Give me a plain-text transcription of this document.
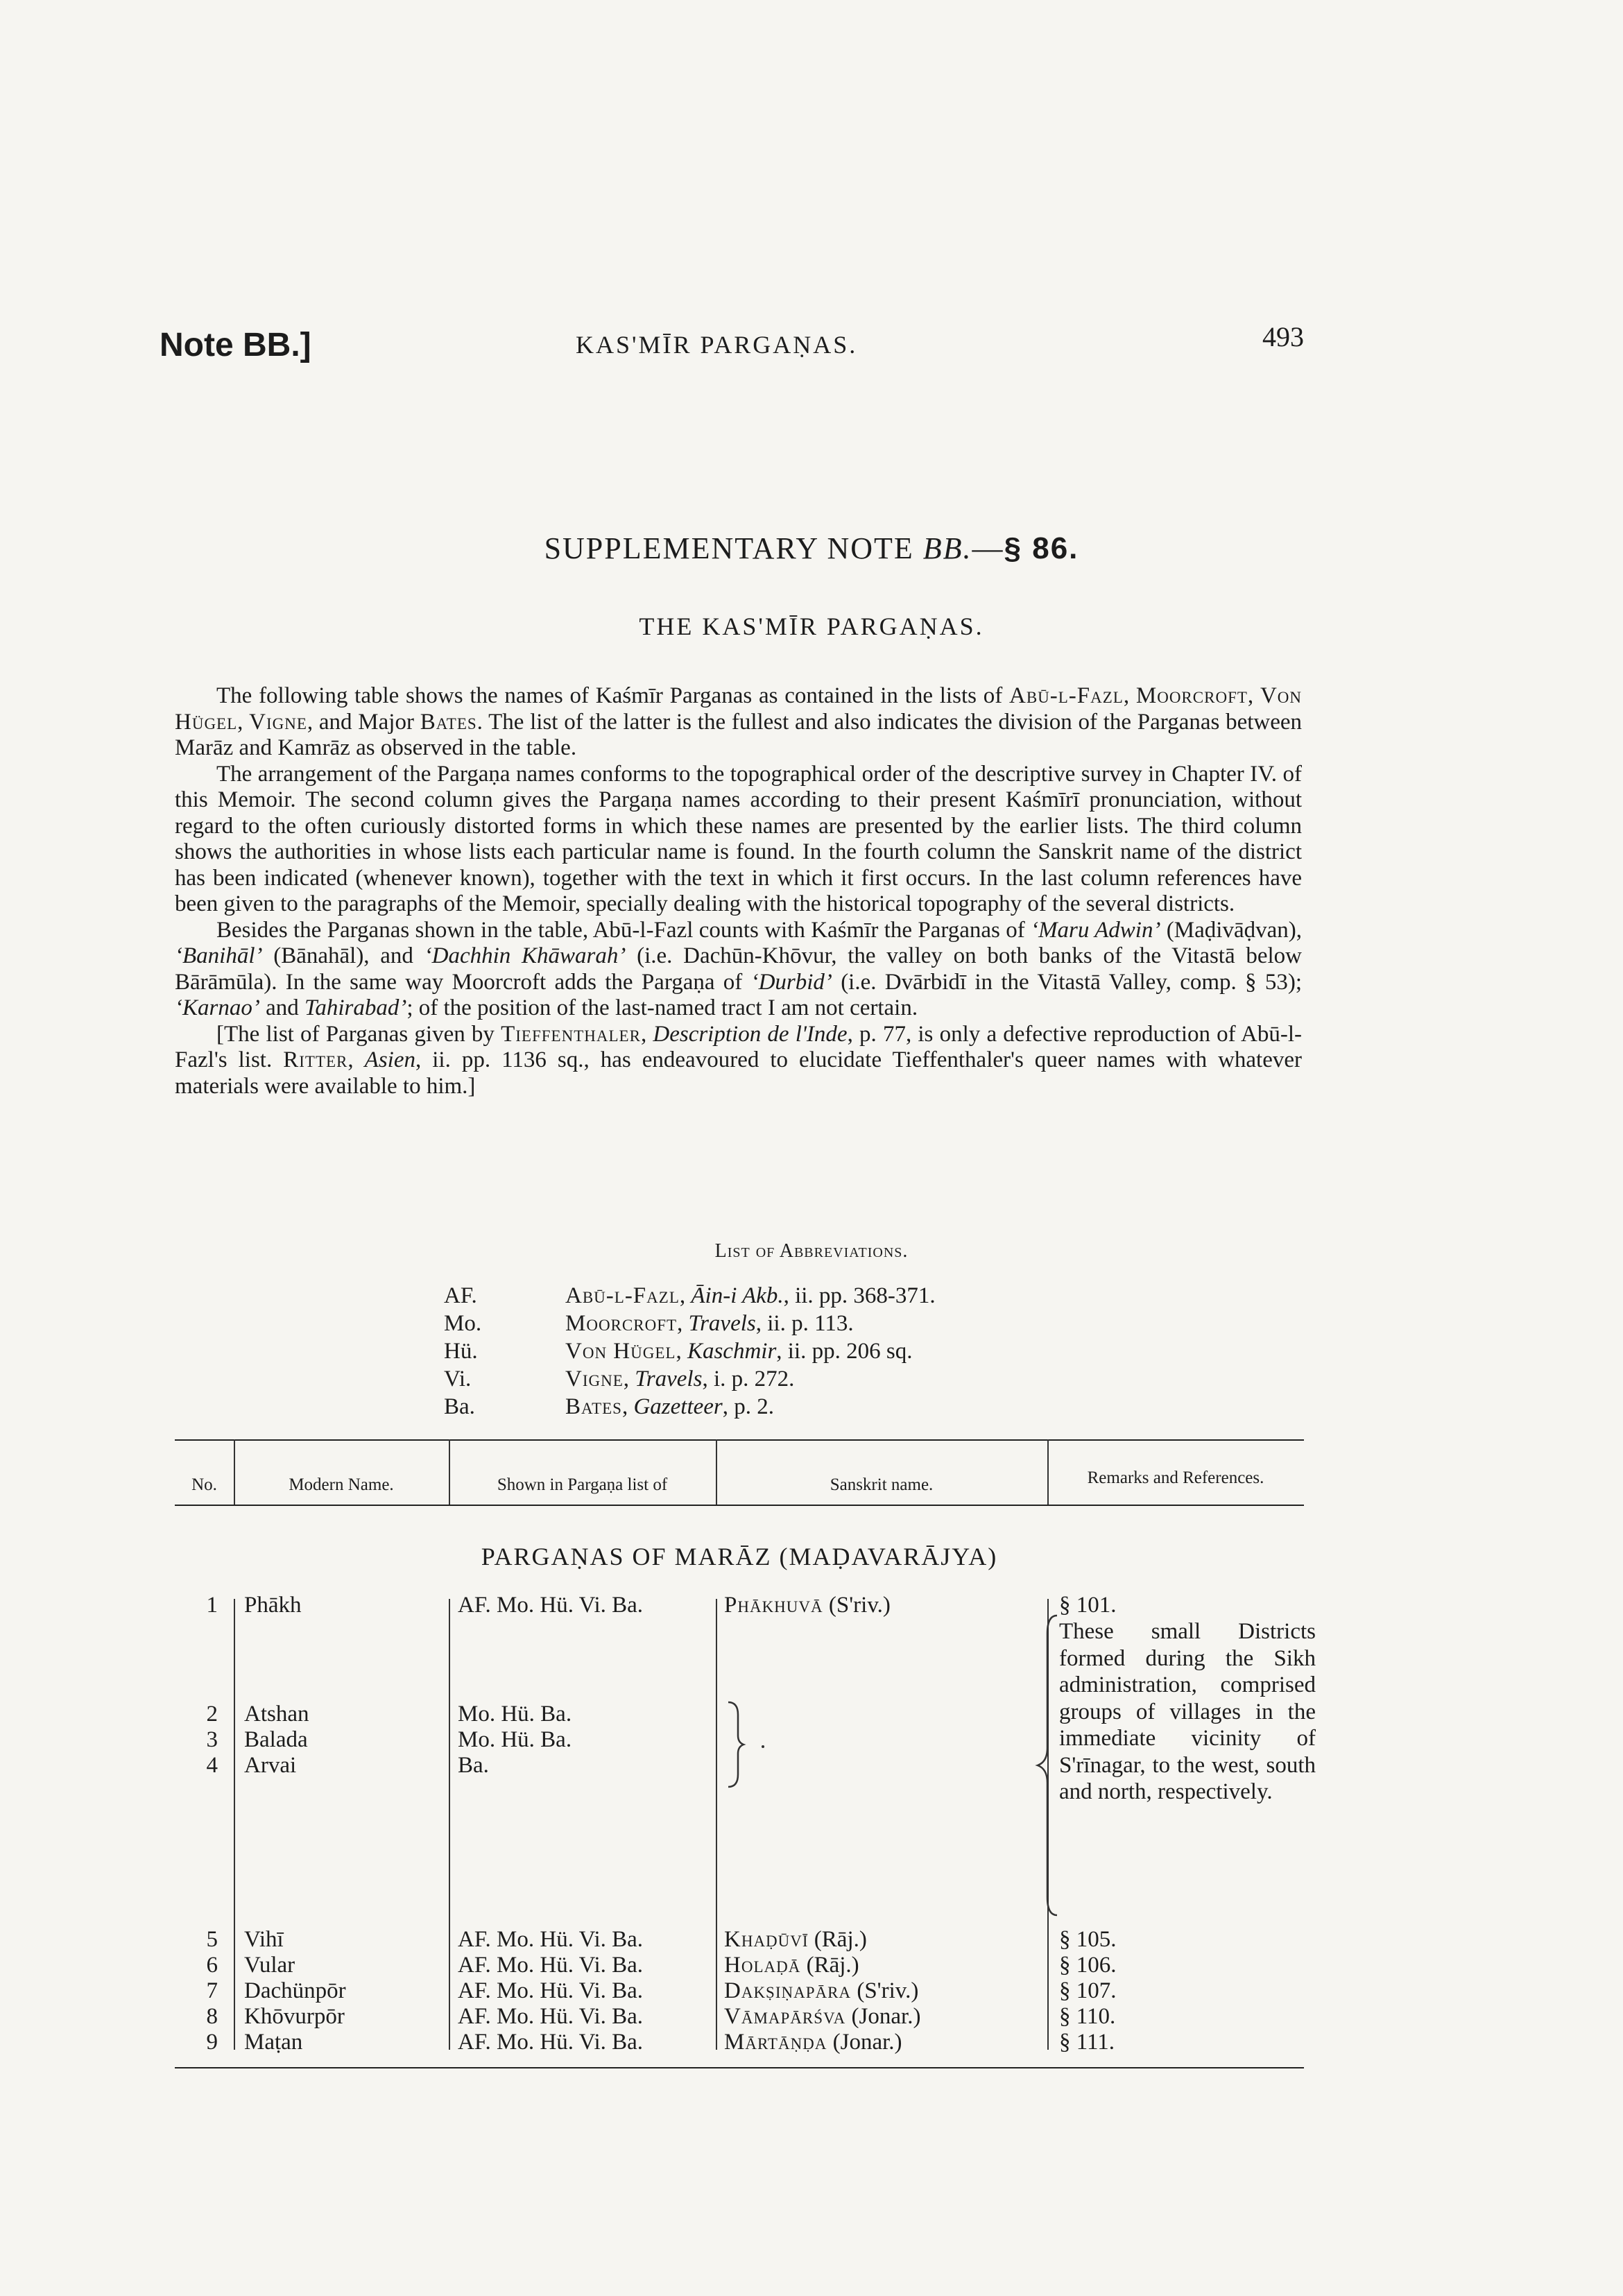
Note BB.]	KAS'MĪR PARGAṆAS.	493
SUPPLEMENTARY NOTE BB.—§ 86.
THE KAS'MĪR PARGAṆAS.

The following table shows the names of Kaśmīr Parganas as contained in the lists of Abū-l-Fazl, Moorcroft, Von Hügel, Vigne, and Major Bates. The list of the latter is the fullest and also indicates the division of the Parganas between Marāz and Kamrāz as observed in the table.

The arrangement of the Pargaṇa names conforms to the topographical order of the descriptive survey in Chapter IV. of this Memoir. The second column gives the Pargaṇa names according to their present Kaśmīrī pronunciation, without regard to the often curiously distorted forms in which these names are presented by the earlier lists. The third column shows the authorities in whose lists each particular name is found. In the fourth column the Sanskrit name of the district has been indicated (whenever known), together with the text in which it first occurs. In the last column references have been given to the paragraphs of the Memoir, specially dealing with the historical topography of the several districts.

Besides the Parganas shown in the table, Abū-l-Fazl counts with Kaśmīr the Parganas of ‘Maru Adwin’ (Maḍivāḍvan), ‘Banihāl’ (Bānahāl), and ‘Dachhin Khāwarah’ (i.e. Dachūn-Khōvur, the valley on both banks of the Vitastā below Bārāmūla). In the same way Moorcroft adds the Pargaṇa of ‘Durbid’ (i.e. Dvārbidī in the Vitastā Valley, comp. § 53); ‘Karnao’ and Tahirabad’; of the position of the last-named tract I am not certain.

[The list of Parganas given by Tieffenthaler, Description de l'Inde, p. 77, is only a defective reproduction of Abū-l-Fazl's list. Ritter, Asien, ii. pp. 1136 sq., has endeavoured to elucidate Tieffenthaler's queer names with whatever materials were available to him.]

List of Abbreviations.
AF.	Abū-l-Fazl, Āin-i Akb., ii. pp. 368-371.
Mo.	Moorcroft, Travels, ii. p. 113.
Hü.	Von Hügel, Kaschmir, ii. pp. 206 sq.
Vi.	Vigne, Travels, i. p. 272.
Ba.	Bates, Gazetteer, p. 2.
No.	Modern Name.	Shown in Pargaṇa list of	Sanskrit name.	Remarks and References.
PARGAṆAS OF MARĀZ (MAḌAVARĀJYA)
1 Phākh	AF. Mo. Hü. Vi. Ba.	Phākhuvā (S'riv.)	§ 101.
2 Atshan	Mo. Hü. Ba.
3 Balada	Mo. Hü. Ba.
4 Arvai	Ba.
These small Districts formed during the Sikh administration, comprised groups of villages in the immediate vicinity of S'rīnagar, to the west, south and north, respectively.
5 Vihī	AF. Mo. Hü. Vi. Ba.	Khaḍūvī (Rāj.)	§ 105.
6 Vular	AF. Mo. Hü. Vi. Ba.	Holaḍā (Rāj.)	§ 106.
7 Dachünpōr	AF. Mo. Hü. Vi. Ba.	Dakṣiṇapāra (S'riv.)	§ 107.
8 Khōvurpōr	AF. Mo. Hü. Vi. Ba.	Vāmapārśva (Jonar.)	§ 110.
9 Maṭan	AF. Mo. Hü. Vi. Ba.	Mārtāṇḍa (Jonar.)	§ 111.
